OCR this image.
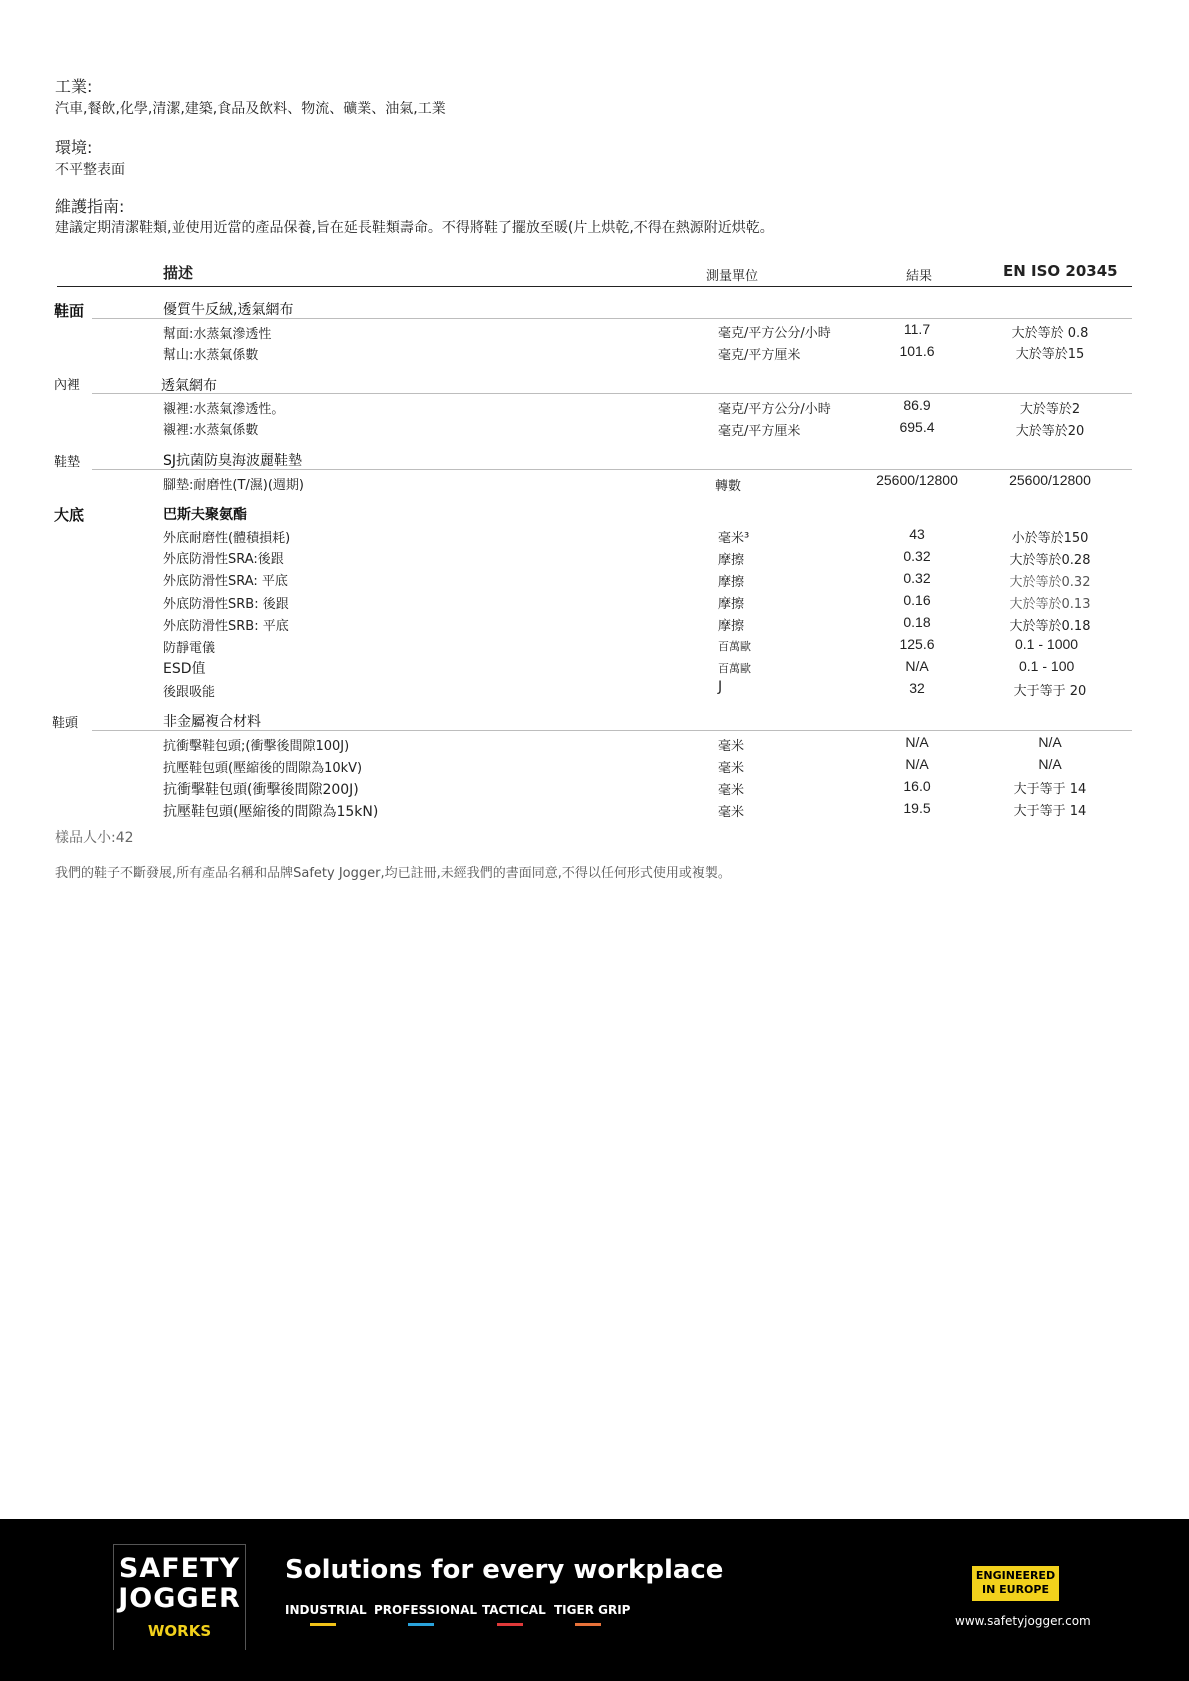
工業:
汽車,餐飲,化學,清潔,建築,食品及飲料、物流、礦業、油氣,工業
環境:
不平整表面
維護指南:
建議定期清潔鞋類,並使用近當的產品保養,旨在延長鞋類壽命。不得將鞋了擺放至暖(片上烘乾,不得在熱源附近烘乾。
描述	測量單位	結果	EN ISO 20345
鞋面	優質牛反絨,透氣網布
幫面:水蒸氣滲透性	毫克/平方公分/小時	11.7	大於等於 0.8
幫山:水蒸氣係數	毫克/平方厘米	101.6	大於等於15
內裡	透氣網布
襯裡:水蒸氣滲透性。	毫克/平方公分/小時	86.9	大於等於2
襯裡:水蒸氣係數	毫克/平方厘米	695.4	大於等於20
鞋墊	SJ抗菌防臭海波麗鞋墊
腳墊:耐磨性(T/濕)(週期)	轉數	25600/12800	25600/12800
大底	巴斯夫聚氨酯
外底耐磨性(體積損耗)	毫米³	43	小於等於150
外底防滑性SRA:後跟	摩擦	0.32	大於等於0.28
外底防滑性SRA: 平底	摩擦	0.32	大於等於0.32
外底防滑性SRB: 後跟	摩擦	0.16	大於等於0.13
外底防滑性SRB: 平底	摩擦	0.18	大於等於0.18
防靜電儀	百萬歐	125.6	0.1 - 1000
ESD值	百萬歐	N/A	0.1 - 100
後跟吸能	J	32	大于等于 20
鞋頭	非金屬複合材料
抗衝擊鞋包頭;(衝擊後間隙100J)	毫米	N/A	N/A
抗壓鞋包頭(壓縮後的間隙為10kV)	毫米	N/A	N/A
抗衝擊鞋包頭(衝擊後間隙200J)	毫米	16.0	大于等于 14
抗壓鞋包頭(壓縮後的間隙為15kN)	毫米	19.5	大于等于 14
樣品人小:42
我們的鞋子不斷發展,所有產品名稱和品牌Safety Jogger,均已註冊,未經我們的書面同意,不得以任何形式使用或複製。
SAFETY
JOGGER
WORKS
Solutions for every workplace
INDUSTRIAL PROFESSIONAL TACTICAL TIGER GRIP
ENGINEERED
IN EUROPE
www.safetyjogger.com
